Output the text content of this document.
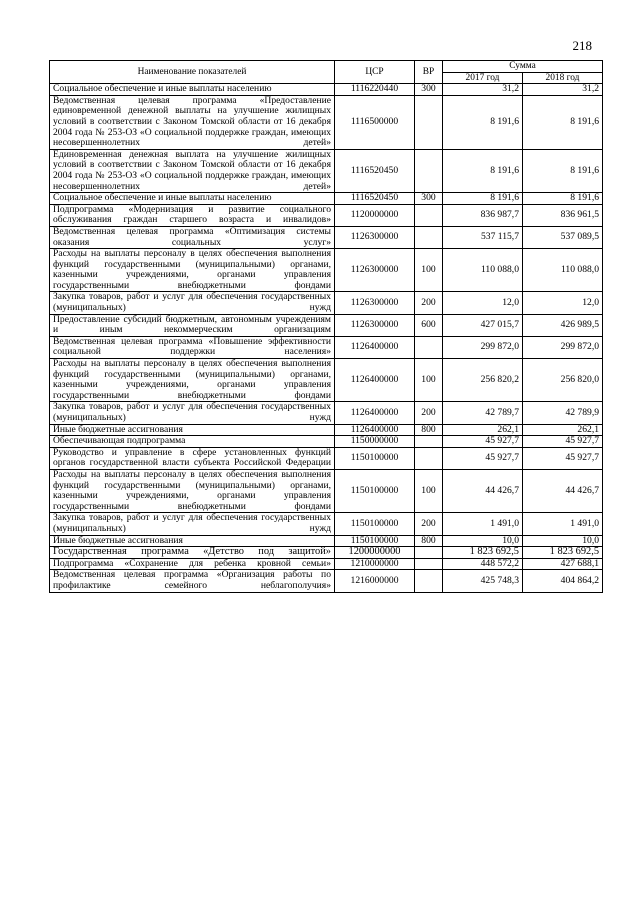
218
Наименование показателей	ЦСР	ВР	Сумма	
			2017 год	2018 год
Социальное обеспечение и иные выплаты населению	1116220440	300	31,2	31,2
Ведомственная целевая программа «Предоставление единовременной денежной выплаты на улучшение жилищных условий в соответствии с Законом Томской области от 16 декабря 2004 года № 253-ОЗ «О социальной поддержке граждан, имеющих несовершеннолетних детей»	1116500000		8 191,6	8 191,6
Единовременная денежная выплата на улучшение жилищных условий в соответствии с Законом Томской области от 16 декабря 2004 года № 253-ОЗ «О социальной поддержке граждан, имеющих несовершеннолетних детей»	1116520450		8 191,6	8 191,6
Социальное обеспечение и иные выплаты населению	1116520450	300	8 191,6	8 191,6
Подпрограмма «Модернизация и развитие социального обслуживания граждан старшего возраста и инвалидов»	1120000000		836 987,7	836 961,5
Ведомственная целевая программа «Оптимизация системы оказания социальных услуг»	1126300000		537 115,7	537 089,5
Расходы на выплаты персоналу в целях обеспечения выполнения функций государственными (муниципальными) органами, казенными учреждениями, органами управления государственными внебюджетными фондами	1126300000	100	110 088,0	110 088,0
Закупка товаров, работ и услуг для обеспечения государственных (муниципальных) нужд	1126300000	200	12,0	12,0
Предоставление субсидий бюджетным, автономным учреждениям и иным некоммерческим организациям	1126300000	600	427 015,7	426 989,5
Ведомственная целевая программа «Повышение эффективности социальной поддержки населения»	1126400000		299 872,0	299 872,0
Расходы на выплаты персоналу в целях обеспечения выполнения функций государственными (муниципальными) органами, казенными учреждениями, органами управления государственными внебюджетными фондами	1126400000	100	256 820,2	256 820,0
Закупка товаров, работ и услуг для обеспечения государственных (муниципальных) нужд	1126400000	200	42 789,7	42 789,9
Иные бюджетные ассигнования	1126400000	800	262,1	262,1
Обеспечивающая подпрограмма	1150000000		45 927,7	45 927,7
Руководство и управление в сфере установленных функций органов государственной власти субъекта Российской Федерации	1150100000		45 927,7	45 927,7
Расходы на выплаты персоналу в целях обеспечения выполнения функций государственными (муниципальными) органами, казенными учреждениями, органами управления государственными внебюджетными фондами	1150100000	100	44 426,7	44 426,7
Закупка товаров, работ и услуг для обеспечения государственных (муниципальных) нужд	1150100000	200	1 491,0	1 491,0
Иные бюджетные ассигнования	1150100000	800	10,0	10,0
Государственная программа «Детство под защитой»	1200000000		1 823 692,5	1 823 692,5
Подпрограмма «Сохранение для ребенка кровной семьи»	1210000000		448 572,2	427 688,1
Ведомственная целевая программа «Организация работы по профилактике семейного неблагополучия»	1216000000		425 748,3	404 864,2
